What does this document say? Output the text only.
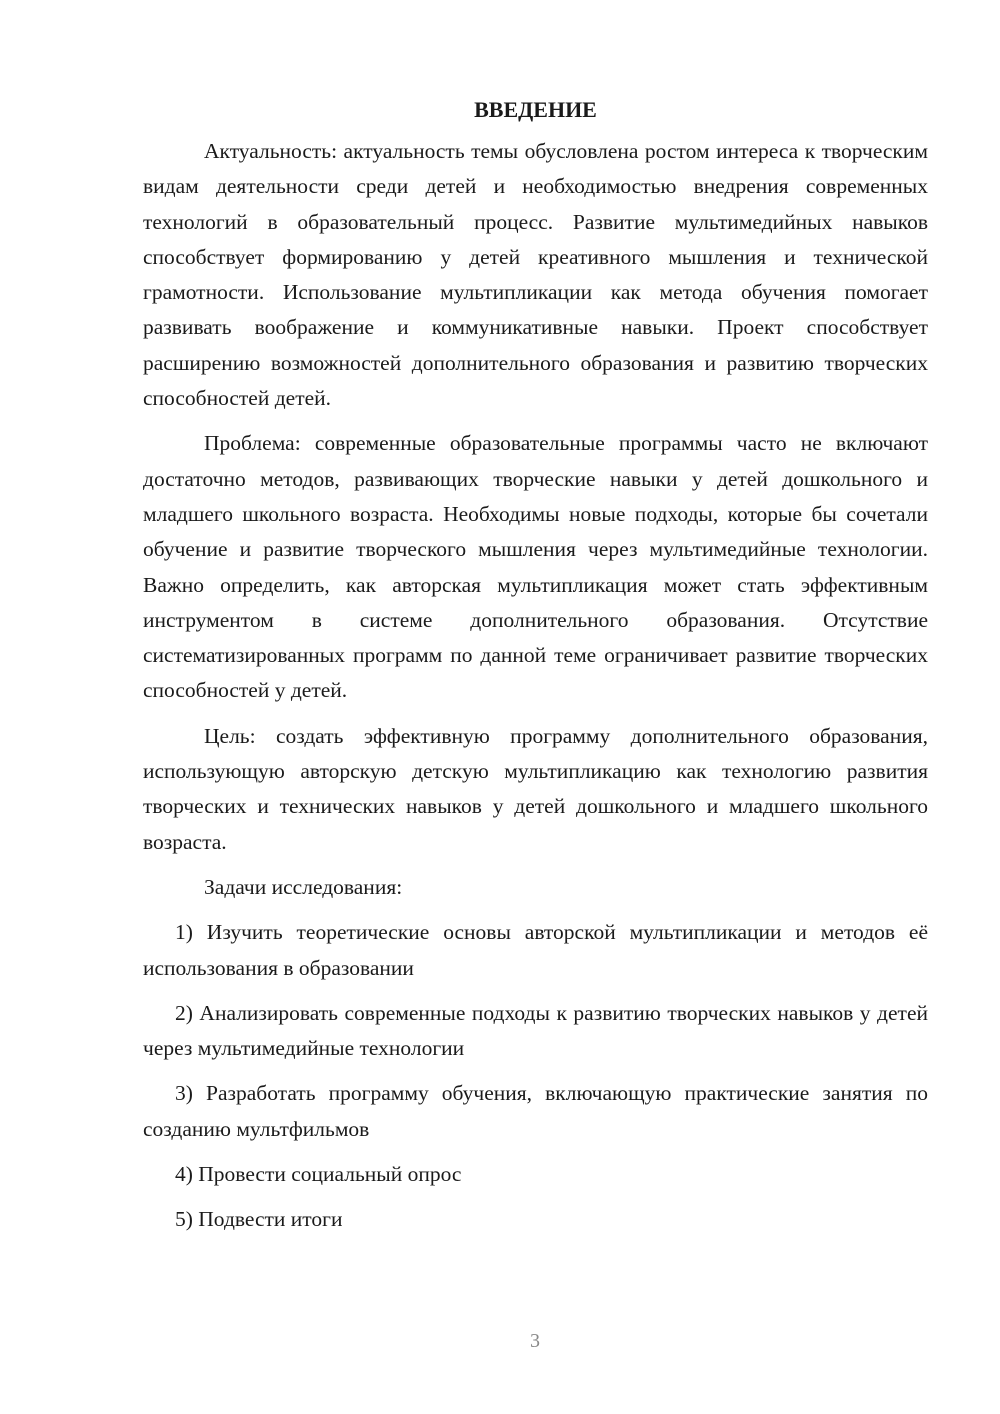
ВВЕДЕНИЕ

Актуальность: актуальность темы обусловлена ростом интереса к творческим видам деятельности среди детей и необходимостью внедрения современных технологий в образовательный процесс. Развитие мультимедийных навыков способствует формированию у детей креативного мышления и технической грамотности. Использование мультипликации как метода обучения помогает развивать воображение и коммуникативные навыки. Проект способствует расширению возможностей дополнительного образования и развитию творческих способностей детей.

Проблема: современные образовательные программы часто не включают достаточно методов, развивающих творческие навыки у детей дошкольного и младшего школьного возраста. Необходимы новые подходы, которые бы сочетали обучение и развитие творческого мышления через мультимедийные технологии. Важно определить, как авторская мультипликация может стать эффективным инструментом в системе дополнительного образования. Отсутствие систематизированных программ по данной теме ограничивает развитие творческих способностей у детей.

Цель: создать эффективную программу дополнительного образования, использующую авторскую детскую мультипликацию как технологию развития творческих и технических навыков у детей дошкольного и младшего школьного возраста.

Задачи исследования:

1) Изучить теоретические основы авторской мультипликации и методов её использования в образовании

2) Анализировать современные подходы к развитию творческих навыков у детей через мультимедийные технологии

3) Разработать программу обучения, включающую практические занятия по созданию мультфильмов

4) Провести социальный опрос

5) Подвести итоги

3
